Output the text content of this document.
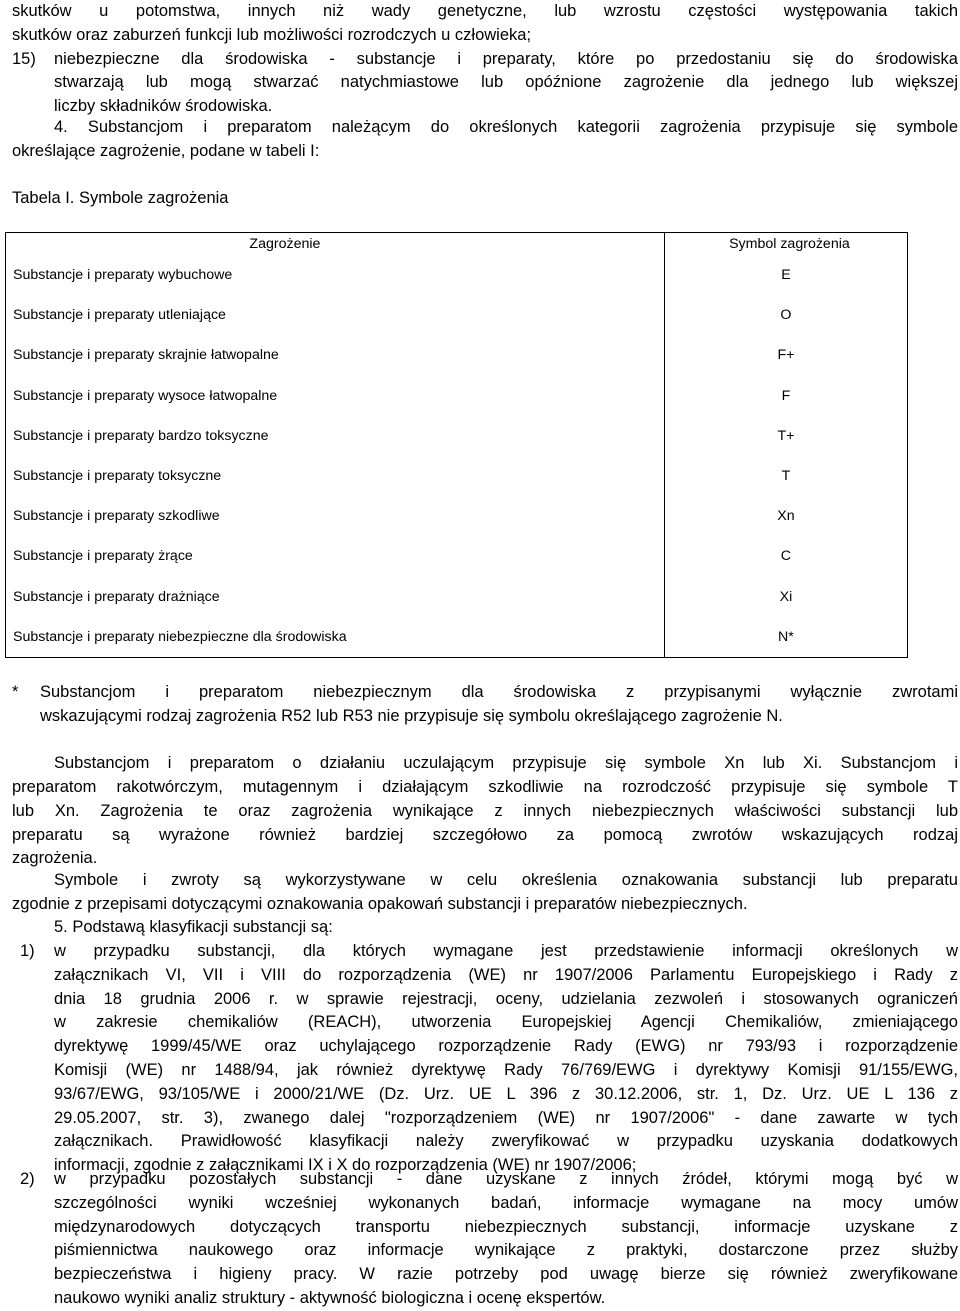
skutków u potomstwa, innych niż wady genetyczne, lub wzrostu częstości występowania takich
skutków oraz zaburzeń funkcji lub możliwości rozrodczych u człowieka;
15) niebezpieczne dla środowiska - substancje i preparaty, które po przedostaniu się do środowiska
stwarzają lub mogą stwarzać natychmiastowe lub opóźnione zagrożenie dla jednego lub większej
liczby składników środowiska.
4. Substancjom i preparatom należącym do określonych kategorii zagrożenia przypisuje się symbole
określające zagrożenie, podane w tabeli I:
Tabela I. Symbole zagrożenia
Zagrożenie	Symbol zagrożenia
Substancje i preparaty wybuchowe	E
Substancje i preparaty utleniające	O
Substancje i preparaty skrajnie łatwopalne	F+
Substancje i preparaty wysoce łatwopalne	F
Substancje i preparaty bardzo toksyczne	T+
Substancje i preparaty toksyczne	T
Substancje i preparaty szkodliwe	Xn
Substancje i preparaty żrące	C
Substancje i preparaty drażniące	Xi
Substancje i preparaty niebezpieczne dla środowiska	N*
* Substancjom i preparatom niebezpiecznym dla środowiska z przypisanymi wyłącznie zwrotami
wskazującymi rodzaj zagrożenia R52 lub R53 nie przypisuje się symbolu określającego zagrożenie N.
Substancjom i preparatom o działaniu uczulającym przypisuje się symbole Xn lub Xi. Substancjom i
preparatom rakotwórczym, mutagennym i działającym szkodliwie na rozrodczość przypisuje się symbole T
lub Xn. Zagrożenia te oraz zagrożenia wynikające z innych niebezpiecznych właściwości substancji lub
preparatu są wyrażone również bardziej szczegółowo za pomocą zwrotów wskazujących rodzaj
zagrożenia.
Symbole i zwroty są wykorzystywane w celu określenia oznakowania substancji lub preparatu
zgodnie z przepisami dotyczącymi oznakowania opakowań substancji i preparatów niebezpiecznych.
5. Podstawą klasyfikacji substancji są:
1) w przypadku substancji, dla których wymagane jest przedstawienie informacji określonych w
załącznikach VI, VII i VIII do rozporządzenia (WE) nr 1907/2006 Parlamentu Europejskiego i Rady z
dnia 18 grudnia 2006 r. w sprawie rejestracji, oceny, udzielania zezwoleń i stosowanych ograniczeń
w zakresie chemikaliów (REACH), utworzenia Europejskiej Agencji Chemikaliów, zmieniającego
dyrektywę 1999/45/WE oraz uchylającego rozporządzenie Rady (EWG) nr 793/93 i rozporządzenie
Komisji (WE) nr 1488/94, jak również dyrektywę Rady 76/769/EWG i dyrektywy Komisji 91/155/EWG,
93/67/EWG, 93/105/WE i 2000/21/WE (Dz. Urz. UE L 396 z 30.12.2006, str. 1, Dz. Urz. UE L 136 z
29.05.2007, str. 3), zwanego dalej "rozporządzeniem (WE) nr 1907/2006" - dane zawarte w tych
załącznikach. Prawidłowość klasyfikacji należy zweryfikować w przypadku uzyskania dodatkowych
informacji, zgodnie z załącznikami IX i X do rozporządzenia (WE) nr 1907/2006;
2) w przypadku pozostałych substancji - dane uzyskane z innych źródeł, którymi mogą być w
szczególności wyniki wcześniej wykonanych badań, informacje wymagane na mocy umów
międzynarodowych dotyczących transportu niebezpiecznych substancji, informacje uzyskane z
piśmiennictwa naukowego oraz informacje wynikające z praktyki, dostarczone przez służby
bezpieczeństwa i higieny pracy. W razie potrzeby pod uwagę bierze się również zweryfikowane
naukowo wyniki analiz struktury - aktywność biologiczna i ocenę ekspertów.
